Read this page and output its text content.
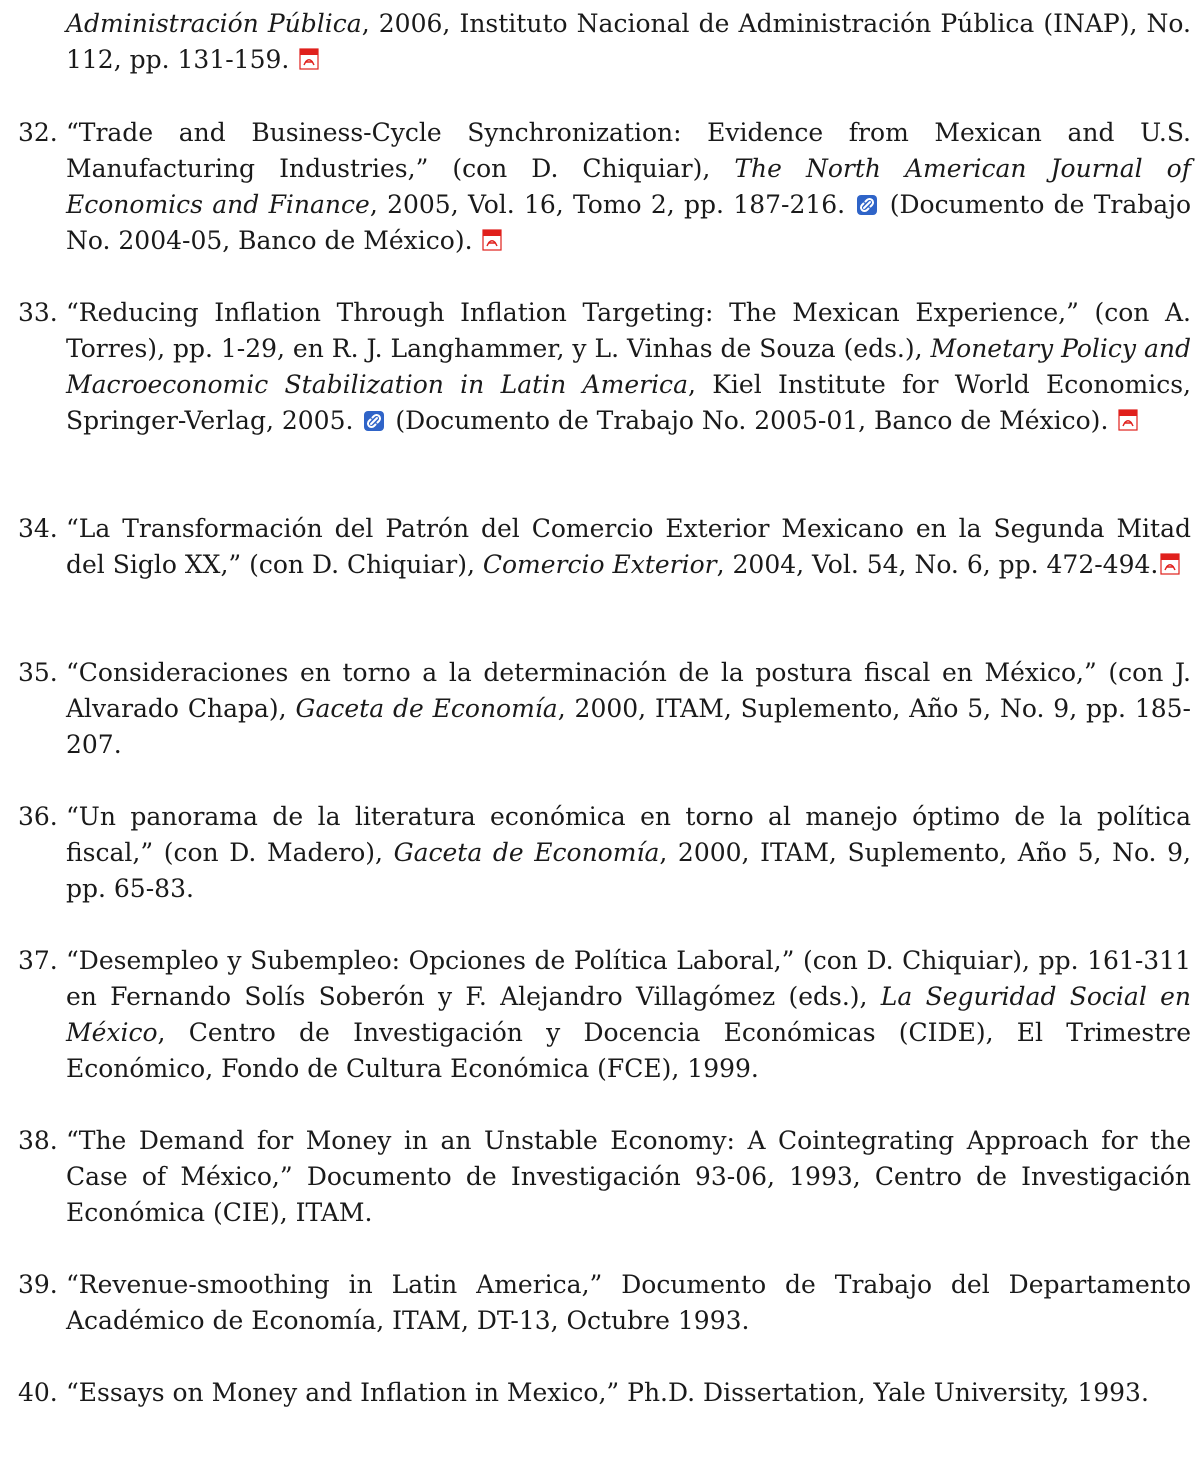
Administración Pública, 2006, Instituto Nacional de Administración Pública (INAP), No. 112, pp. 131-159.
32. “Trade and Business-Cycle Synchronization: Evidence from Mexican and U.S. Manufacturing Industries,” (con D. Chiquiar), The North American Journal of Economics and Finance, 2005, Vol. 16, Tomo 2, pp. 187-216.  (Documento de Trabajo No. 2004-05, Banco de México).
33. “Reducing Inflation Through Inflation Targeting: The Mexican Experience,” (con A. Torres), pp. 1-29, en R. J. Langhammer, y L. Vinhas de Souza (eds.), Monetary Policy and Macroeconomic Stabilization in Latin America, Kiel Institute for World Economics, Springer-Verlag, 2005.  (Documento de Trabajo No. 2005-01, Banco de México).
34. “La Transformación del Patrón del Comercio Exterior Mexicano en la Segunda Mitad del Siglo XX,” (con D. Chiquiar), Comercio Exterior, 2004, Vol. 54, No. 6, pp. 472-494.
35. “Consideraciones en torno a la determinación de la postura fiscal en México,” (con J. Alvarado Chapa), Gaceta de Economía, 2000, ITAM, Suplemento, Año 5, No. 9, pp. 185-207.
36. “Un panorama de la literatura económica en torno al manejo óptimo de la política fiscal,” (con D. Madero), Gaceta de Economía, 2000, ITAM, Suplemento, Año 5, No. 9, pp. 65-83.
37. “Desempleo y Subempleo: Opciones de Política Laboral,” (con D. Chiquiar), pp. 161-311 en Fernando Solís Soberón y F. Alejandro Villagómez (eds.), La Seguridad Social en México, Centro de Investigación y Docencia Económicas (CIDE), El Trimestre Económico, Fondo de Cultura Económica (FCE), 1999.
38. “The Demand for Money in an Unstable Economy: A Cointegrating Approach for the Case of México,” Documento de Investigación 93-06, 1993, Centro de Investigación Económica (CIE), ITAM.
39. “Revenue-smoothing in Latin America,” Documento de Trabajo del Departamento Académico de Economía, ITAM, DT-13, Octubre 1993.
40. “Essays on Money and Inflation in Mexico,” Ph.D. Dissertation, Yale University, 1993.
